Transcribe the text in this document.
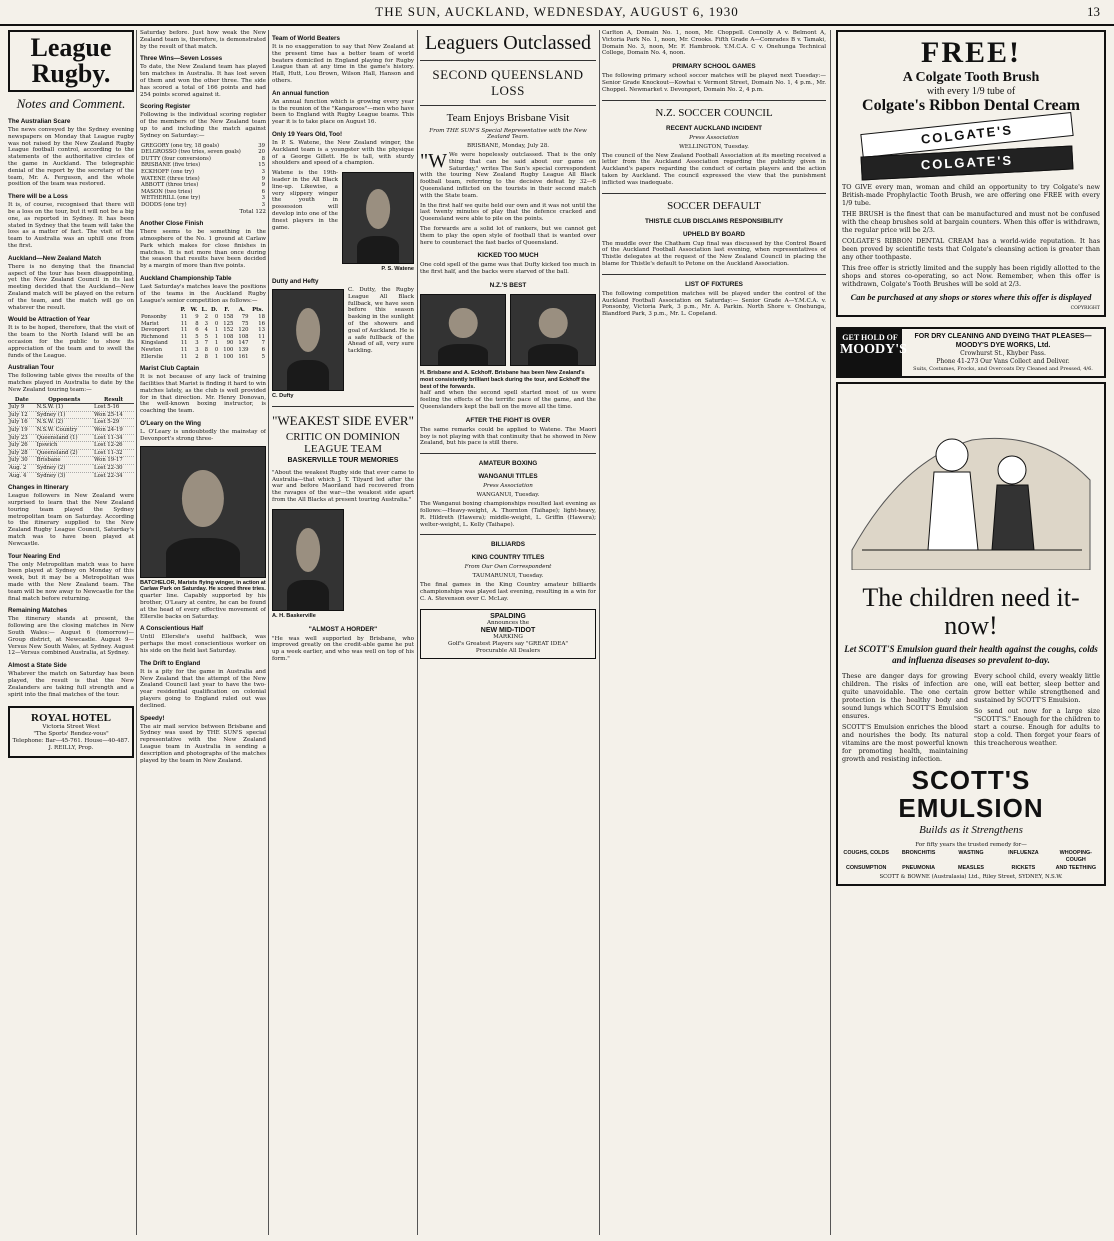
THE SUN, AUCKLAND, WEDNESDAY, AUGUST 6, 1930	13
League Rugby.
Notes and Comment.
The Australian Scare

The news conveyed by the Sydney evening newspapers on Monday that League rugby was not raised by the New Zealand Rugby League football control, according to the statements of the authoritative circles of the game in Auckland. The telegraphic denial of the report by the secretary of the team, Mr. A. Ferguson, and the whole position of the team was restored.

There will be a Loss

It is, of course, recognised that there will be a loss on the tour, but it will not be a big one, as reported in Sydney. It has been stated in Sydney that the team will take the loss as a matter of fact. The visit of the team to Australia was an uphill one from the first.

Auckland—New Zealand Match

There is no denying that the financial aspect of the tour has been disappointing, yet the New Zealand Council in its last meeting decided that the Auckland—New Zealand match will be played on the return of the team, and the match will go on whatever the result.

Would be Attraction of Year

It is to be hoped, therefore, that the visit of the team to the North Island will be an occasion for the public to show its appreciation of the team and to swell the funds of the League.

Australian Tour

The following table gives the results of the matches played in Australia to date by the New Zealand touring team:—

Date	Opponents	Result
July 9	N.S.W. (1)	Lost 5-16
July 12	Sydney (1)	Won 25-14
July 16	N.S.W. (2)	Lost 5-29
July 19	N.S.W. Country	Won 24-19
July 23	Queensland (1)	Lost 11-34
July 26	Ipswich	Lost 12-26
July 28	Queensland (2)	Lost 11-32
July 30	Brisbane	Won 19-17
Aug. 2	Sydney (2)	Lost 22-30
Aug. 4	Sydney (3)	Lost 22-34
Changes in Itinerary

League followers in New Zealand were surprised to learn that the New Zealand touring team played the Sydney metropolitan team on Saturday. According to the itinerary supplied to the New Zealand Rugby League Council, Saturday's match was to have been played at Newcastle.

Tour Nearing End

The only Metropolitan match was to have been played at Sydney on Monday of this week, but it may be a Metropolitan was made with the New Zealand team. The team will be now away to Newcastle for the final match before returning.

Remaining Matches

The itinerary stands at present, the following are the closing matches in New South Wales:— August 6 (tomorrow)—Group district, at Newcastle. August 9—Versus New South Wales, at Sydney. August 12—Versus combined Australia, at Sydney.

Almost a State Side

Whatever the match on Saturday has been played, the result is that the New Zealanders are taking full strength and a spirit into the final matches of the tour.

ROYAL HOTEL
Victoria Street West
"The Sports' Rendez-vous"
Telephone: Bar—45-761. House—40-487.
J. REILLY, Prop.

Saturday before. Just how weak the New Zealand team is, therefore, is demonstrated by the result of that match.

Three Wins—Seven Losses

To date, the New Zealand team has played ten matches in Australia. It has lost seven of them and won the other three. The side has scored a total of 166 points and had 254 points scored against it.

Scoring Register

Following is the individual scoring register of the members of the New Zealand team up to and including the match against Sydney on Saturday:—

GREGORY (one try, 18 goals)	39
DELGROSSO (two tries, seven goals)	20
DUTTY (four conversions)	8
BRISBANE (five tries)	15
ECKHOFF (one try)	3
WATENE (three tries)	9
ABBOTT (three tries)	9
MASON (two tries)	6
WETHERILL (one try)	3
DODDS (one try)	3
Total 122
Another Close Finish

There seems to be something in the atmosphere of the No. 1 ground at Carlaw Park which makes for close finishes in matches. It is not more than once during the season that results have been decided by a margin of more than five points.

Auckland Championship Table

Last Saturday's matches leave the positions of the teams in the Auckland Rugby League's senior competition as follows:—

	P.	W.	L.	D.	F.	A.	Pts.
Ponsonby	11	9	2	0	158	79	18
Marist	11	8	3	0	125	75	16
Devonport	11	6	4	1	152	120	13
Richmond	11	5	5	1	108	108	11
Kingsland	11	3	7	1	90	147	7
Newton	11	3	8	0	100	139	6
Ellerslie	11	2	8	1	100	161	5
Marist Club Captain

It is not because of any lack of training facilities that Marist is finding it hard to win matches lately, as the club is well provided for in that direction. Mr. Henry Donovan, the well-known boxing instructor, is coaching the team.

O'Leary on the Wing

L. O'Leary is undoubtedly the mainstay of Devonport's strong three-

BATCHELOR, Marists flying winger, in action at Carlaw Park on Saturday. He scored three tries.

quarter line. Capably supported by his brother, O'Leary at centre, he can be found at the head of every effective movement of Ellerslie backs on Saturday.

A Conscientious Half

Until Ellerslie's useful halfback, was perhaps the most conscientious worker on his side on the field last Saturday.

The Drift to England

It is a pity for the game in Australia and New Zealand that the attempt of the New Zealand Council last year to have the two-year residential qualification on colonial players going to England ruled out was declined.

Speedy!

The air mail service between Brisbane and Sydney was used by THE SUN'S special representative with the New Zealand League team in Australia in sending a description and photographs of the matches played by the team in New Zealand.

Team of World Beaters

It is no exaggeration to say that New Zealand at the present time has a better team of world beaters domiciled in England playing for Rugby League than at any time in the game's history. Hall, Hutt, Lou Brown, Wilson Hall, Hanson and others.

An annual function

An annual function which is growing every year is the reunion of the "Kangaroos"—men who have been to England with Rugby League teams. This year it is to take place on August 16.

Only 19 Years Old, Too!

In P. S. Watene, the New Zealand winger, the Auckland team is a youngster with the physique of a George Gillett. He is tall, with sturdy shoulders and speed of a champion.

Watene is the 19th-leader in the All Black line-up. Likewise, a very slippery winger the youth in possession will develop into one of the finest players in the game.

P. S. Watene
Dutty and Hefty

C. Dutty, the Rugby League All Black fullback, we have seen before this season basking in the sunlight of the showers and goal of Auckland. He is a safe fullback of the Ahead of all, very sure tackling.

C. Dufty
"WEAKEST SIDE EVER"
CRITIC ON DOMINION LEAGUE TEAM
BASKERVILLE TOUR MEMORIES

"About the weakest Rugby side that ever came to Australia—that which J. T. Tilyard led after the war and before Maoriland had recovered from the ravages of the war—the weakest side apart from the All Blacks at present touring Australia."

A. H. Baskerville
"ALMOST A HORDER"

"He was well supported by Brisbane, who improved greatly on the credit-able game he put up a week earlier, and who was well on top of his form."

Leaguers Outclassed
SECOND QUEENSLAND LOSS
Team Enjoys Brisbane Visit
From THE SUN'S Special Representative with the New Zealand Team.
BRISBANE, Monday, July 28.

"W We were hopelessly outclassed. That is the only thing that can be said about our game on Saturday," writes The Sun's special correspondent with the touring New Zealand Rugby League All Black football team, referring to the decisive defeat by 32—6 Queensland inflicted on the tourists in their second match with the State team.

In the first half we quite held our own and it was not until the last twenty minutes of play that the defence cracked and Queensland were able to pile on the points.

The forwards are a solid lot of rankers, but we cannot get them to play the open style of football that is wanted over here to counteract the fast backs of Queensland.

KICKED TOO MUCH

One cold spell of the game was that Dufty kicked too much in the first half, and the backs were starved of the ball.

N.Z.'S BEST
H. Brisbane and A. Eckhoff. Brisbane has been New Zealand's most consistently brilliant back during the tour, and Eckhoff the best of the forwards.

half and when the second spell started most of us were feeling the effects of the terrific pace of the game, and the Queenslanders kept the ball on the move all the time.

AFTER THE FIGHT IS OVER

The same remarks could be applied to Watene. The Maori boy is not playing with that continuity that he showed in New Zealand, but his pace is still there.

AMATEUR BOXING
WANGANUI TITLES
Press Association
WANGANUI, Tuesday.

The Wanganui boxing championships resulted last evening as follows:—Heavy-weight, A. Thornton (Taihape); light-heavy, R. Hildreth (Hawera); middle-weight, L. Griffin (Hawera); welter-weight, L. Kelly (Taihape).

BILLIARDS
KING COUNTRY TITLES
From Our Own Correspondent
TAUMARUNUI, Tuesday.

The final games in the King Country amateur billiards championships was played last evening, resulting in a win for C. A. Stevenson over C. McLay.

SPALDING
Announces the
NEW MID-TIDOT
MARKING
Golf's Greatest Players say "GREAT IDEA"
Procurable All Dealers

Carlton A, Domain No. 1, noon, Mr. Choppell. Connolly A v. Belmont A, Victoria Park No. 1, noon, Mr. Crooks. Fifth Grade A—Comrades B v. Tamaki, Domain No. 3, noon, Mr. F. Hambrook. Y.M.C.A. C v. Onehunga Technical College, Domain No. 4, noon.

PRIMARY SCHOOL GAMES

The following primary school soccer matches will be played next Tuesday:— Senior Grade Knockout—Kowhai v. Vermont Street, Domain No. 1, 4 p.m., Mr. Choppel. Newmarket v. Devonport, Domain No. 2, 4 p.m.

N.Z. SOCCER COUNCIL
RECENT AUCKLAND INCIDENT
Press Association
WELLINGTON, Tuesday.

The council of the New Zealand Football Association at its meeting received a letter from the Auckland Association regarding the publicity given in Auckland's papers regarding the conduct of certain players and the action taken by Auckland. The council expressed the view that the punishment inflicted was inadequate.

SOCCER DEFAULT
THISTLE CLUB DISCLAIMS RESPONSIBILITY
UPHELD BY BOARD

The muddle over the Chatham Cup final was discussed by the Control Board of the Auckland Football Association last evening, when representatives of Thistle delegates at the request of the New Zealand Council in placing the blame for Thistle's default to Petone on the Auckland Association.

LIST OF FIXTURES

The following competition matches will be played under the control of the Auckland Football Association on Saturday:— Senior Grade A—Y.M.C.A. v. Ponsonby, Victoria Park, 3 p.m., Mr. A. Parkin. North Shore v. Onehunga, Blandford Park, 3 p.m., Mr. L. Copeland.

FREE!
A Colgate Tooth Brush
with every 1/9 tube of
Colgate's Ribbon Dental Cream
COLGATE'S
COLGATE'S

TO GIVE every man, woman and child an opportunity to try Colgate's new British-made Prophylactic Tooth Brush, we are offering one FREE with every 1/9 tube.

THE BRUSH is the finest that can be manufactured and must not be confused with the cheap brushes sold at bargain counters. When this offer is withdrawn, the regular price will be 2/3.

COLGATE'S RIBBON DENTAL CREAM has a world-wide reputation. It has been proved by scientific tests that Colgate's cleansing action is greater than any other toothpaste.

This free offer is strictly limited and the supply has been rigidly allotted to the shops and stores co-operating, so act Now. Remember, when this offer is withdrawn, Colgate's Tooth Brushes will be sold at 2/3.

Can be purchased at any shops or stores where this offer is displayed
COPYRIGHT
GET HOLD OF
MOODY'S
FOR DRY CLEANING AND DYEING THAT PLEASES—
MOODY'S DYE WORKS, Ltd.
Crowhurst St., Khyber Pass.
Phone 41-273 Our Vans Collect and Deliver.
Suits, Costumes, Frocks, and Overcoats Dry Cleaned and Pressed, 4/6.
The children need it-now!
Let SCOTT'S Emulsion guard their health against the coughs, colds and influenza diseases so prevalent to-day.

These are danger days for growing children. The risks of infection are quite unavoidable. The one certain protection is the healthy body and sound lungs which SCOTT'S Emulsion ensures.

SCOTT'S Emulsion enriches the blood and nourishes the body. Its natural vitamins are the most powerful known for promoting health, maintaining growth and resisting infection.

Every school child, every weakly little one, will eat better, sleep better and grow better while strengthened and sustained by SCOTT'S Emulsion.

So send out now for a large size "SCOTT'S." Enough for the children to start a course. Enough for adults to stop a cold. Then forget your fears of this treacherous weather.

SCOTT'S
EMULSION
Builds as it Strengthens
For fifty years the trusted remedy for—
COUGHS, COLDS	BRONCHITIS	WASTING	INFLUENZA	WHOOPING-COUGH
CONSUMPTION	PNEUMONIA	MEASLES	RICKETS	AND TEETHING
SCOTT & BOWNE (Australasia) Ltd., Riley Street, SYDNEY, N.S.W.
